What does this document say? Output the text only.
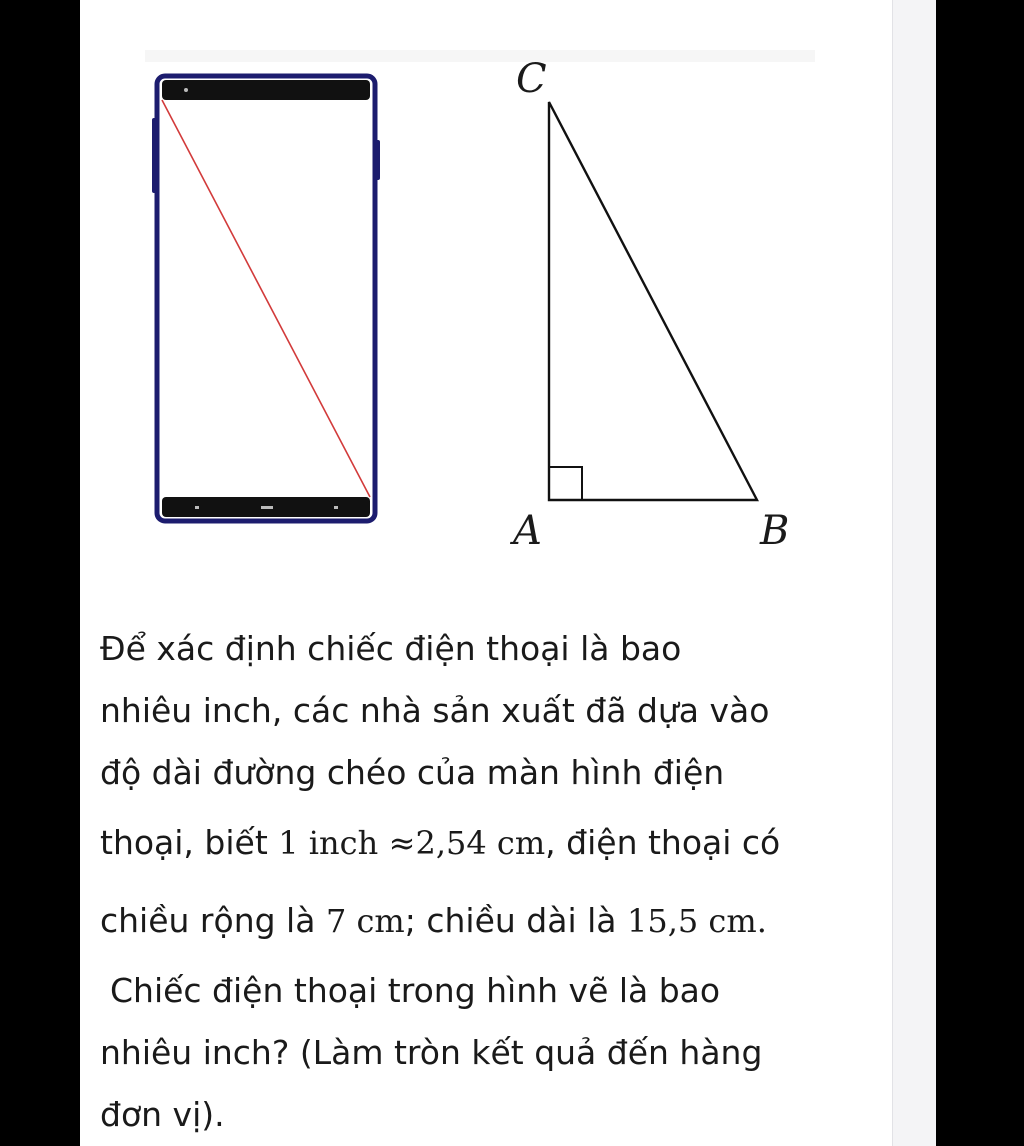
C
A	B
Để xác định chiếc điện thoại là bao
nhiêu inch, các nhà sản xuất đã dựa vào
độ dài đường chéo của màn hình điện
thoại, biết 1 inch ≈2,54 cm, điện thoại có
chiều rộng là 7 cm; chiều dài là 15,5 cm.
Chiếc điện thoại trong hình vẽ là bao
nhiêu inch? (Làm tròn kết quả đến hàng
đơn vị).
